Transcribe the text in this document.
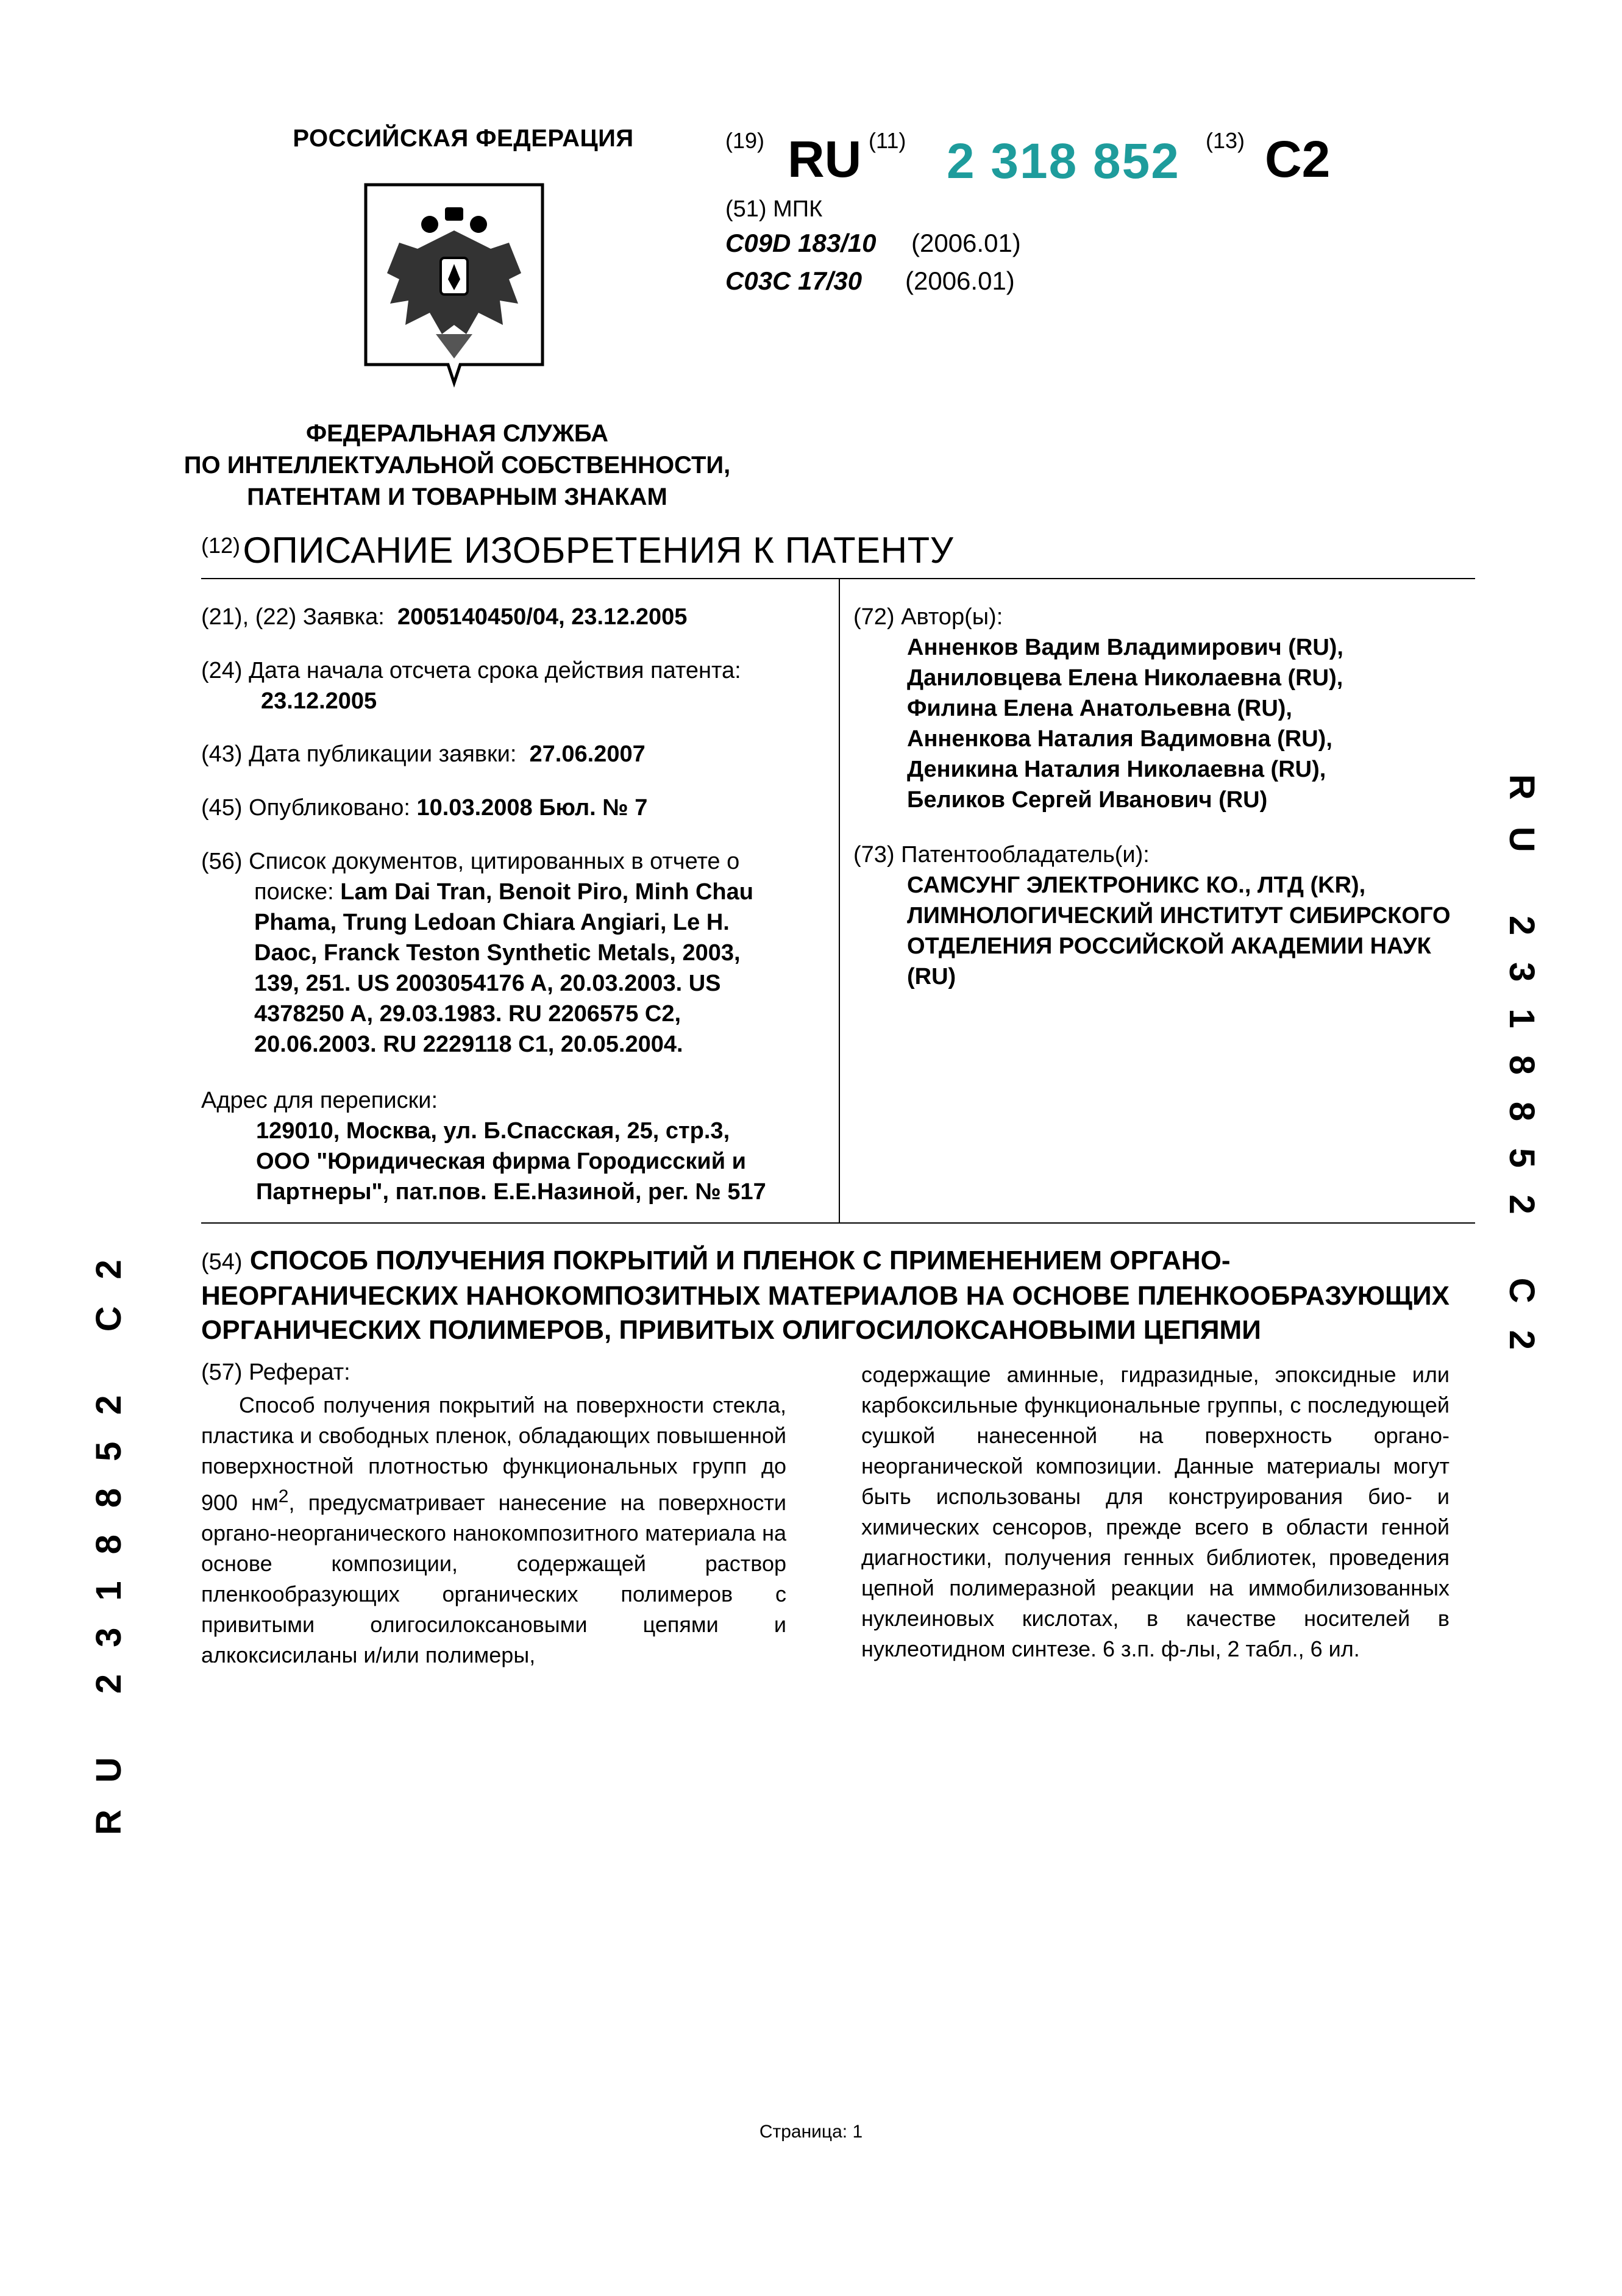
РОССИЙСКАЯ ФЕДЕРАЦИЯ
ФЕДЕРАЛЬНАЯ СЛУЖБА
ПО ИНТЕЛЛЕКТУАЛЬНОЙ СОБСТВЕННОСТИ,
ПАТЕНТАМ И ТОВАРНЫМ ЗНАКАМ
(19) RU (11) 2 318 852 (13) C2
(51) МПК
C09D 183/10 (2006.01)
C03C 17/30 (2006.01)
(12) ОПИСАНИЕ ИЗОБРЕТЕНИЯ К ПАТЕНТУ
(21), (22) Заявка: 2005140450/04, 23.12.2005
(24) Дата начала отсчета срока действия патента:
23.12.2005
(43) Дата публикации заявки: 27.06.2007
(45) Опубликовано: 10.03.2008 Бюл. № 7
(56) Список документов, цитированных в отчете о
поиске: Lam Dai Tran, Benoit Piro, Minh Chau
Phama, Trung Ledoan Chiara Angiari, Le H.
Daoc, Franck Teston Synthetic Metals, 2003,
139, 251. US 2003054176 A, 20.03.2003. US
4378250 A, 29.03.1983. RU 2206575 C2,
20.06.2003. RU 2229118 C1, 20.05.2004.
Адрес для переписки:
129010, Москва, ул. Б.Спасская, 25, стр.3,
ООО "Юридическая фирма Городисский и
Партнеры", пат.пов. Е.Е.Назиной, рег. № 517
(72) Автор(ы):
Анненков Вадим Владимирович (RU),
Даниловцева Елена Николаевна (RU),
Филина Елена Анатольевна (RU),
Анненкова Наталия Вадимовна (RU),
Деникина Наталия Николаевна (RU),
Беликов Сергей Иванович (RU)
(73) Патентообладатель(и):
САМСУНГ ЭЛЕКТРОНИКС КО., ЛТД (KR),
ЛИМНОЛОГИЧЕСКИЙ ИНСТИТУТ СИБИРСКОГО
ОТДЕЛЕНИЯ РОССИЙСКОЙ АКАДЕМИИ НАУК
(RU)	RU 2318852 C2
RU 2318852 C2	(54) СПОСОБ ПОЛУЧЕНИЯ ПОКРЫТИЙ И ПЛЕНОК С ПРИМЕНЕНИЕМ ОРГАНО-
НЕОРГАНИЧЕСКИХ НАНОКОМПОЗИТНЫХ МАТЕРИАЛОВ НА ОСНОВЕ ПЛЕНКООБРАЗУЮЩИХ
ОРГАНИЧЕСКИХ ПОЛИМЕРОВ, ПРИВИТЫХ ОЛИГОСИЛОКСАНОВЫМИ ЦЕПЯМИ
(57) Реферат:
Способ получения покрытий на поверхности стекла, пластика и свободных пленок, обладающих повышенной поверхностной плотностью функциональных групп до 900 $нм^2$, предусматривает нанесение на поверхности органо-неорганического нанокомпозитного материала на основе композиции, содержащей раствор пленкообразующих органических полимеров с привитыми олигосилоксановыми цепями и алкоксисиланы и/или полимеры,
содержащие аминные, гидразидные, эпоксидные или карбоксильные функциональные группы, с последующей сушкой нанесенной на поверхность органо-неорганической композиции. Данные материалы могут быть использованы для конструирования био- и химических сенсоров, прежде всего в области генной диагностики, получения генных библиотек, проведения цепной полимеразной реакции на иммобилизованных нуклеиновых кислотах, в качестве носителей в нуклеотидном синтезе. 6 з.п. ф-лы, 2 табл., 6 ил.
Страница: 1
